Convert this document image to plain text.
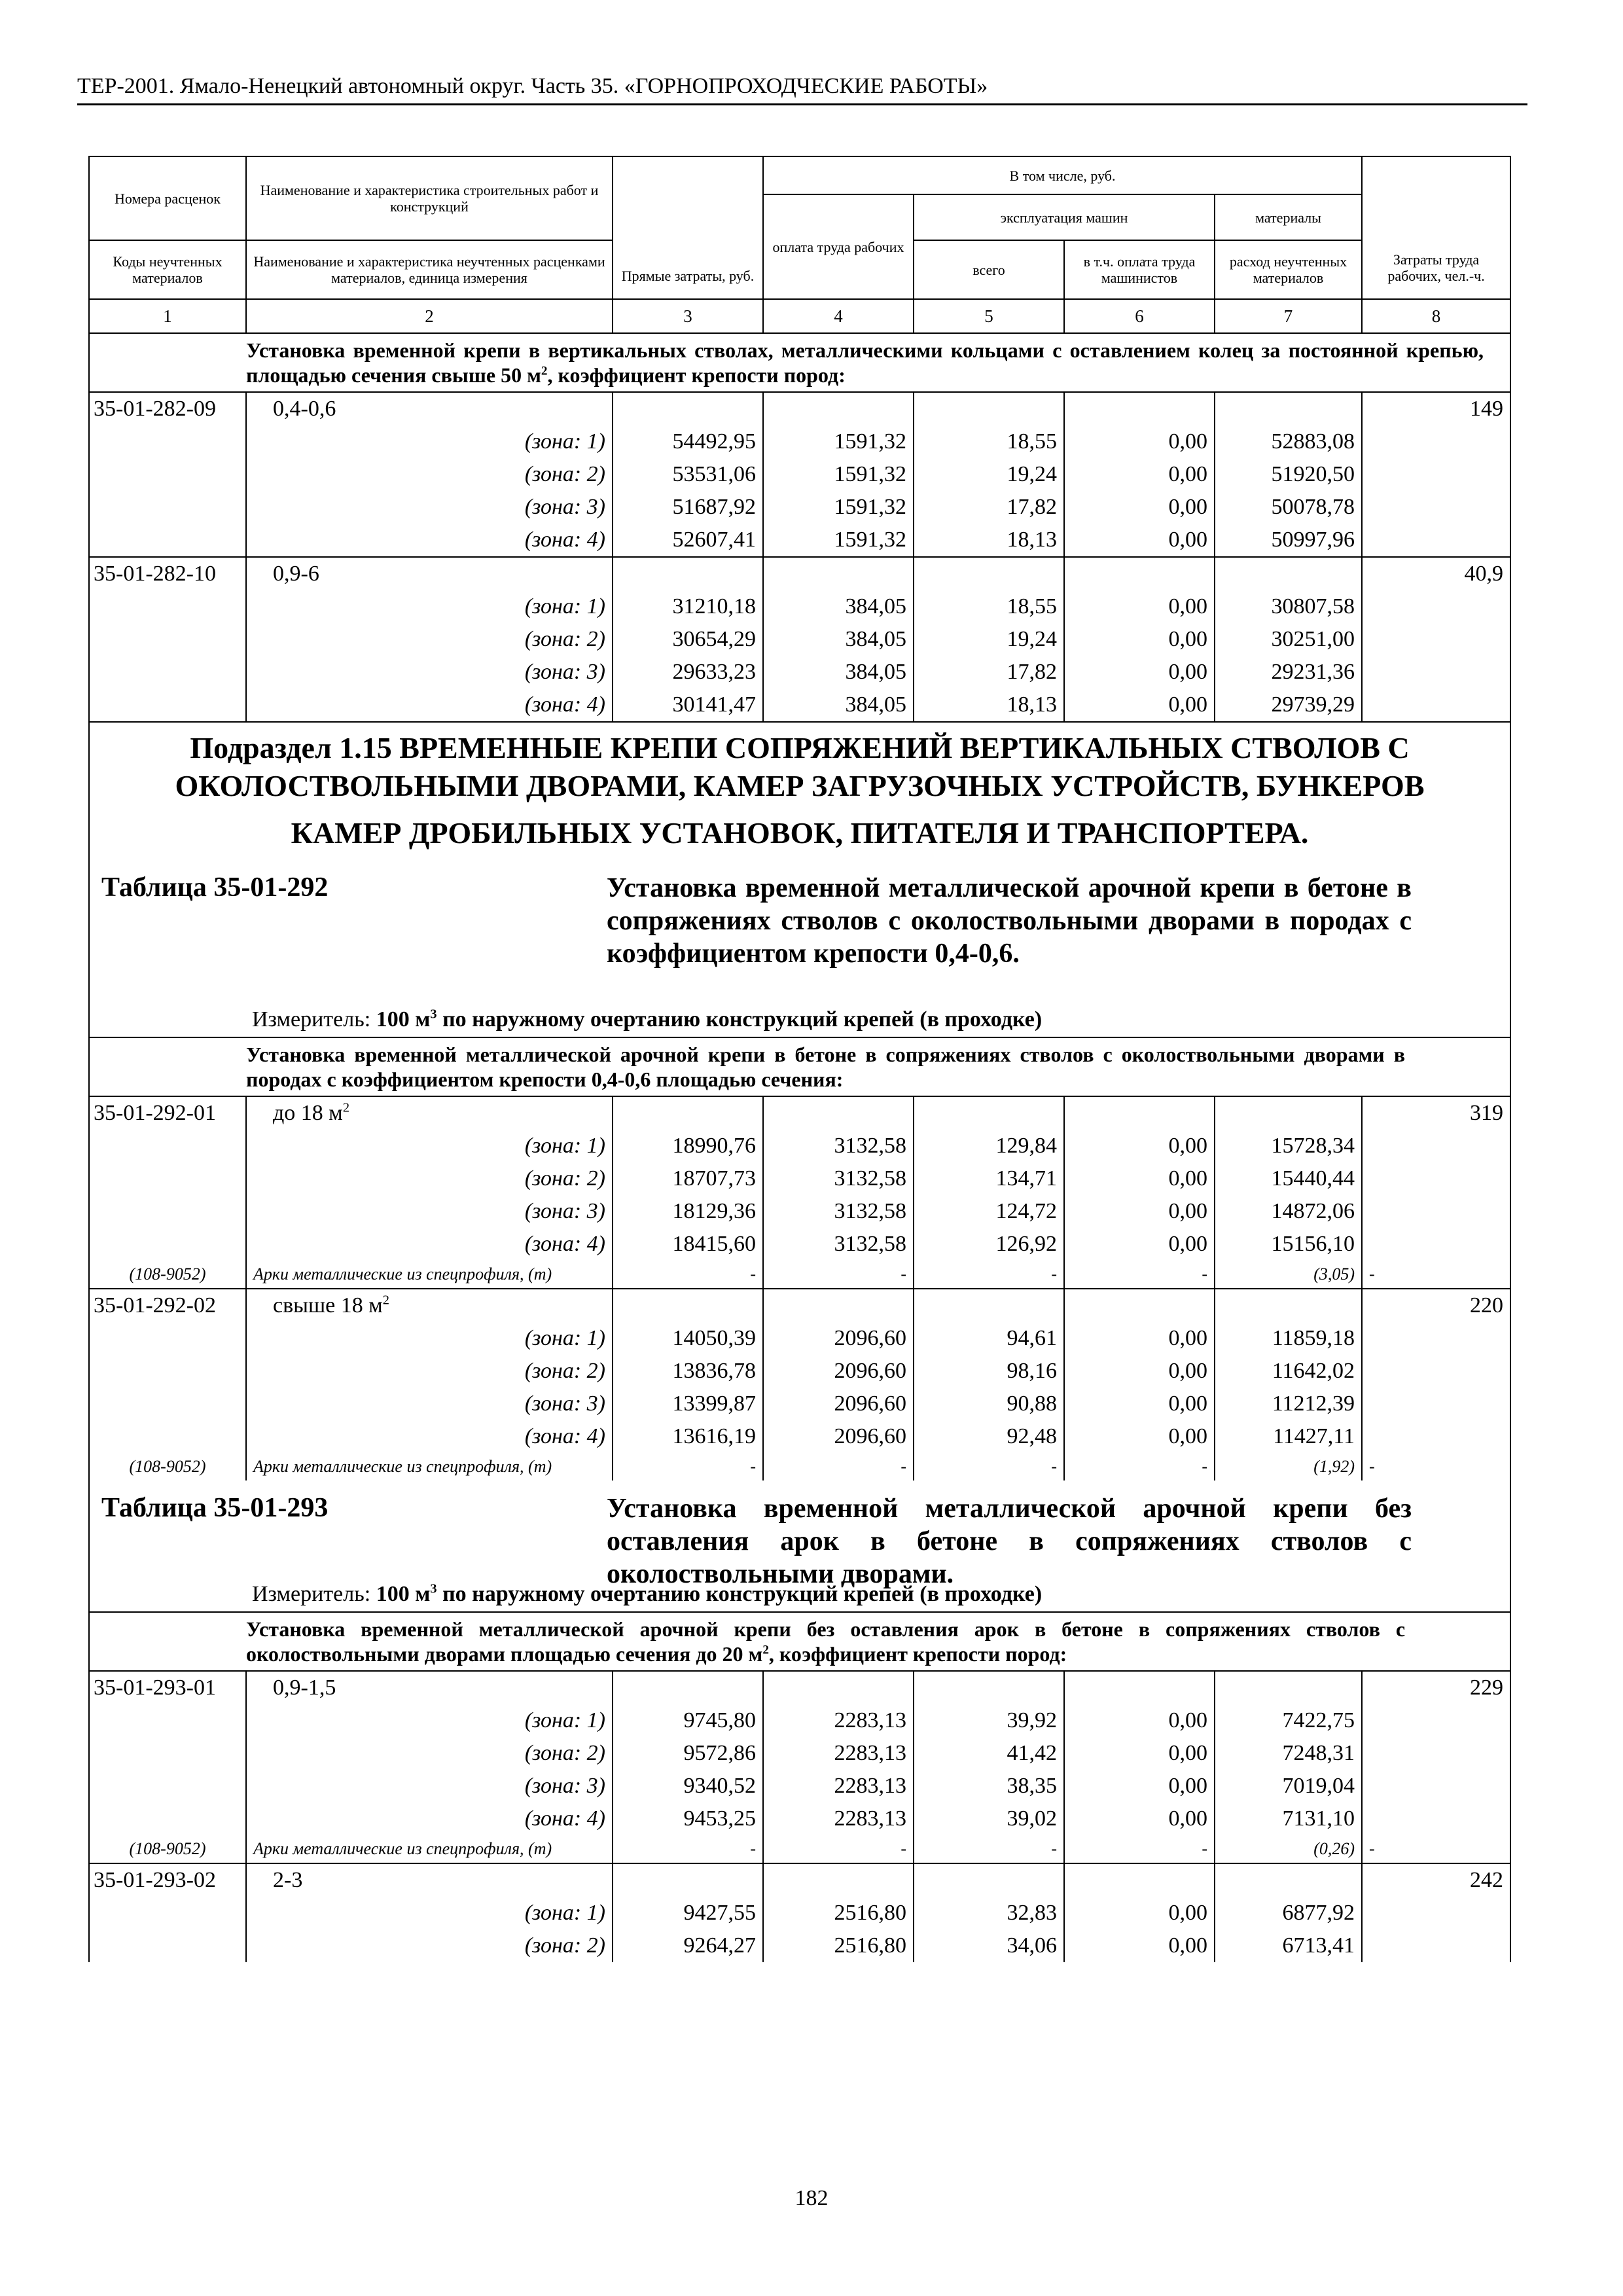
ТЕР-2001. Ямало-Ненецкий автономный округ. Часть 35. «ГОРНОПРОХОДЧЕСКИЕ РАБОТЫ»
Номера расценок	Наименование и характеристика строительных работ и конструкций	Прямые затраты, руб.	В том числе, руб.				Затраты труда рабочих, чел.-ч.
			оплата труда рабочих	эксплуатация машин		материалы	
Коды неучтенных материалов	Наименование и характеристика неучтенных расценками материалов, единица измерения			всего	в т.ч. оплата труда машинистов	расход неучтенных материалов	
1	2	3	4	5	6	7	8
	Установка временной крепи в вертикальных стволах, металлическими кольцами с оставлением колец за постоянной крепью, площадью сечения свыше 50 $м^2$, коэффициент крепости пород:						
35-01-282-09	0,4-0,6						149
	(зона: 1)	54492,95	1591,32	18,55	0,00	52883,08	
	(зона: 2)	53531,06	1591,32	19,24	0,00	51920,50	
	(зона: 3)	51687,92	1591,32	17,82	0,00	50078,78	
	(зона: 4)	52607,41	1591,32	18,13	0,00	50997,96	
35-01-282-10	0,9-6						40,9
	(зона: 1)	31210,18	384,05	18,55	0,00	30807,58	
	(зона: 2)	30654,29	384,05	19,24	0,00	30251,00	
	(зона: 3)	29633,23	384,05	17,82	0,00	29231,36	
	(зона: 4)	30141,47	384,05	18,13	0,00	29739,29	
Подраздел 1.15 ВРЕМЕННЫЕ КРЕПИ СОПРЯЖЕНИЙ ВЕРТИКАЛЬНЫХ СТВОЛОВ С ОКОЛОСТВОЛЬНЫМИ ДВОРАМИ, КАМЕР ЗАГРУЗОЧНЫХ УСТРОЙСТВ, БУНКЕРОВ
КАМЕР ДРОБИЛЬНЫХ УСТАНОВОК, ПИТАТЕЛЯ И ТРАНСПОРТЕРА.							

Таблица 35-01-292 Установка временной металлической арочной крепи в бетоне в сопряжениях стволов с околоствольными дворами в породах с коэффициентом крепости 0,4-0,6.
Измеритель: 100 $м^3$ по наружному очертанию конструкций крепей (в проходке)							

	Установка временной металлической арочной крепи в бетоне в сопряжениях стволов с околоствольными дворами в породах с коэффициентом крепости 0,4-0,6 площадью сечения:						
35-01-292-01	до 18 $м^2$						319
	(зона: 1)	18990,76	3132,58	129,84	0,00	15728,34	
	(зона: 2)	18707,73	3132,58	134,71	0,00	15440,44	
	(зона: 3)	18129,36	3132,58	124,72	0,00	14872,06	
	(зона: 4)	18415,60	3132,58	126,92	0,00	15156,10	
(108-9052)	Арки металлические из спецпрофиля, (т)	-	-	-	-	(3,05)	-
35-01-292-02	свыше 18 $м^2$						220
	(зона: 1)	14050,39	2096,60	94,61	0,00	11859,18	
	(зона: 2)	13836,78	2096,60	98,16	0,00	11642,02	
	(зона: 3)	13399,87	2096,60	90,88	0,00	11212,39	
	(зона: 4)	13616,19	2096,60	92,48	0,00	11427,11	
(108-9052)	Арки металлические из спецпрофиля, (т)	-	-	-	-	(1,92)	-

Таблица 35-01-293 Установка временной металлической арочной крепи без оставления арок в бетоне в сопряжениях стволов с околоствольными дворами.
Измеритель: 100 $м^3$ по наружному очертанию конструкций крепей (в проходке)							

	Установка временной металлической арочной крепи без оставления арок в бетоне в сопряжениях стволов с околоствольными дворами площадью сечения до 20 $м^2$, коэффициент крепости пород:						
35-01-293-01	0,9-1,5						229
	(зона: 1)	9745,80	2283,13	39,92	0,00	7422,75	
	(зона: 2)	9572,86	2283,13	41,42	0,00	7248,31	
	(зона: 3)	9340,52	2283,13	38,35	0,00	7019,04	
	(зона: 4)	9453,25	2283,13	39,02	0,00	7131,10	
(108-9052)	Арки металлические из спецпрофиля, (т)	-	-	-	-	(0,26)	-
35-01-293-02	2-3						242
	(зона: 1)	9427,55	2516,80	32,83	0,00	6877,92	
	(зона: 2)	9264,27	2516,80	34,06	0,00	6713,41	
182
